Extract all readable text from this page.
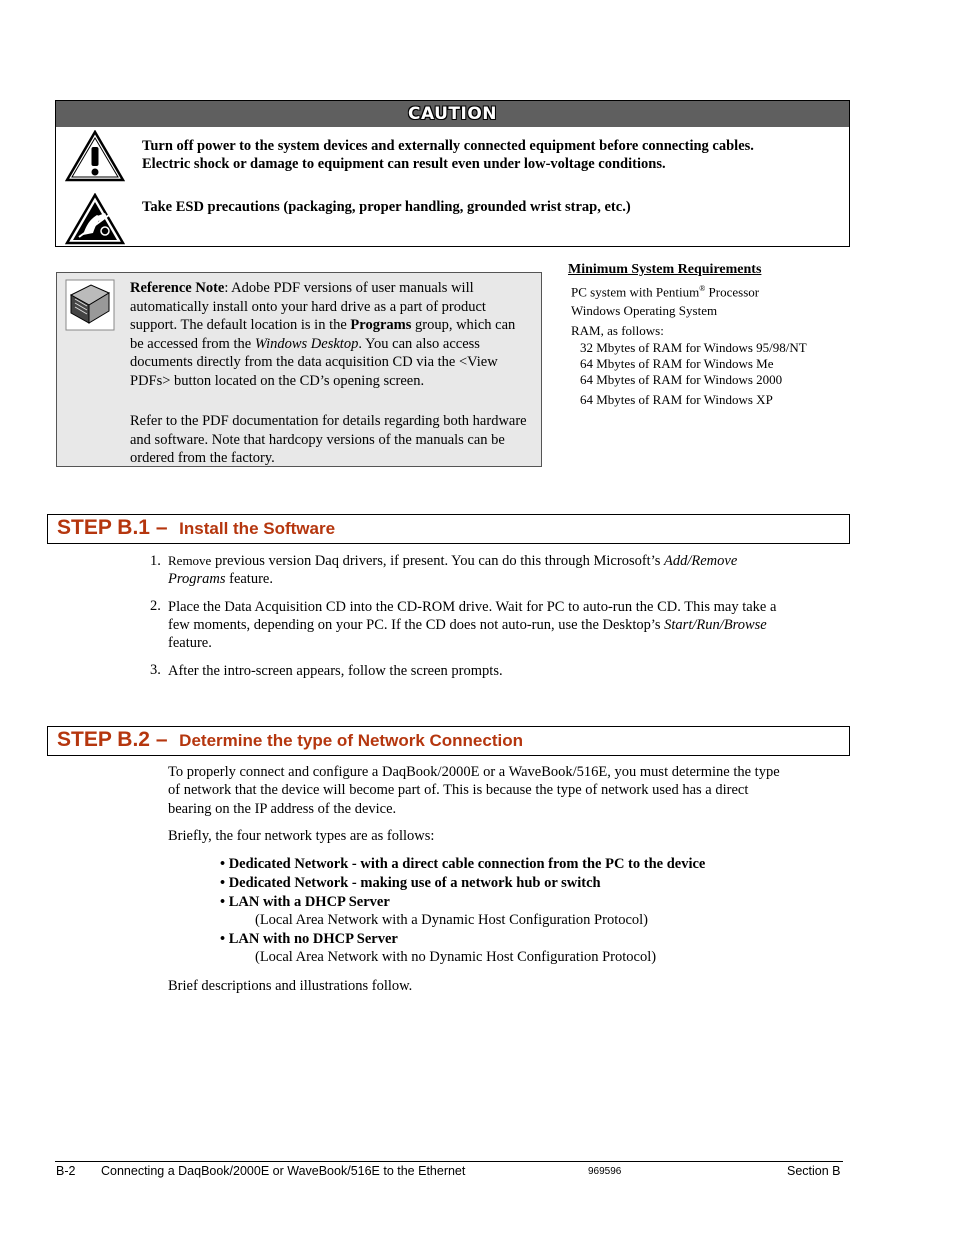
CAUTION
Turn off power to the system devices and externally connected equipment before connecting cables.
Electric shock or damage to equipment can result even under low-voltage conditions.
Take ESD precautions (packaging, proper handling, grounded wrist strap, etc.)
Reference Note: Adobe PDF versions of user manuals will automatically install onto your hard drive as a part of product support. The default location is in the Programs group, which can be accessed from the Windows Desktop. You can also access documents directly from the data acquisition CD via the <View PDFs> button located on the CD’s opening screen.
Refer to the PDF documentation for details regarding both hardware and software. Note that hardcopy versions of the manuals can be ordered from the factory.
Minimum System Requirements
PC system with Pentium® Processor
Windows Operating System
RAM, as follows:
32 Mbytes of RAM for Windows 95/98/NT
64 Mbytes of RAM for Windows Me
64 Mbytes of RAM for Windows 2000
64 Mbytes of RAM for Windows XP
STEP B.1 – Install the Software
1. Remove previous version Daq drivers, if present. You can do this through Microsoft’s Add/Remove
Programs feature.
2. Place the Data Acquisition CD into the CD-ROM drive. Wait for PC to auto-run the CD. This may take a
few moments, depending on your PC. If the CD does not auto-run, use the Desktop’s Start/Run/Browse
feature.
3. After the intro-screen appears, follow the screen prompts.
STEP B.2 – Determine the type of Network Connection
To properly connect and configure a DaqBook/2000E or a WaveBook/516E, you must determine the type
of network that the device will become part of. This is because the type of network used has a direct
bearing on the IP address of the device.
Briefly, the four network types are as follows:
• Dedicated Network - with a direct cable connection from the PC to the device
• Dedicated Network - making use of a network hub or switch
• LAN with a DHCP Server
(Local Area Network with a Dynamic Host Configuration Protocol)
• LAN with no DHCP Server
(Local Area Network with no Dynamic Host Configuration Protocol)
Brief descriptions and illustrations follow.
B-2 Connecting a DaqBook/2000E or WaveBook/516E to the Ethernet	969596	Section B
